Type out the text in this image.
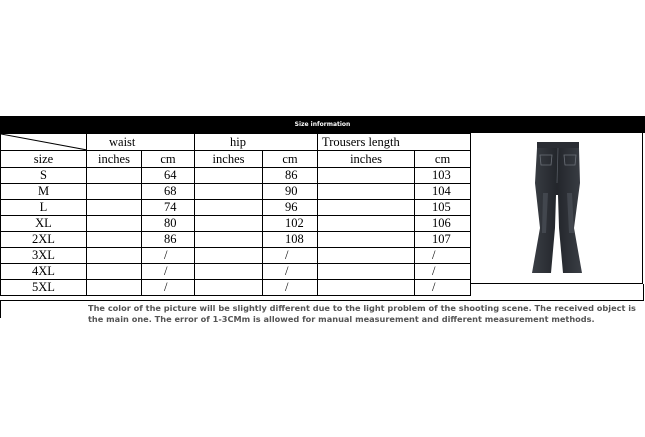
Size information
	waist		hip		Trousers length	
size	inches	cm	inches	cm	inches	cm
S		64		86		103
M		68		90		104
L		74		96		105
XL		80		102		106
2XL		86		108		107
3XL		/		/		/
4XL		/		/		/
5XL		/		/		/
The color of the picture will be slightly different due to the light problem of the shooting scene. The received object is the main one. The error of 1-3CMm is allowed for manual measurement and different measurement methods.
